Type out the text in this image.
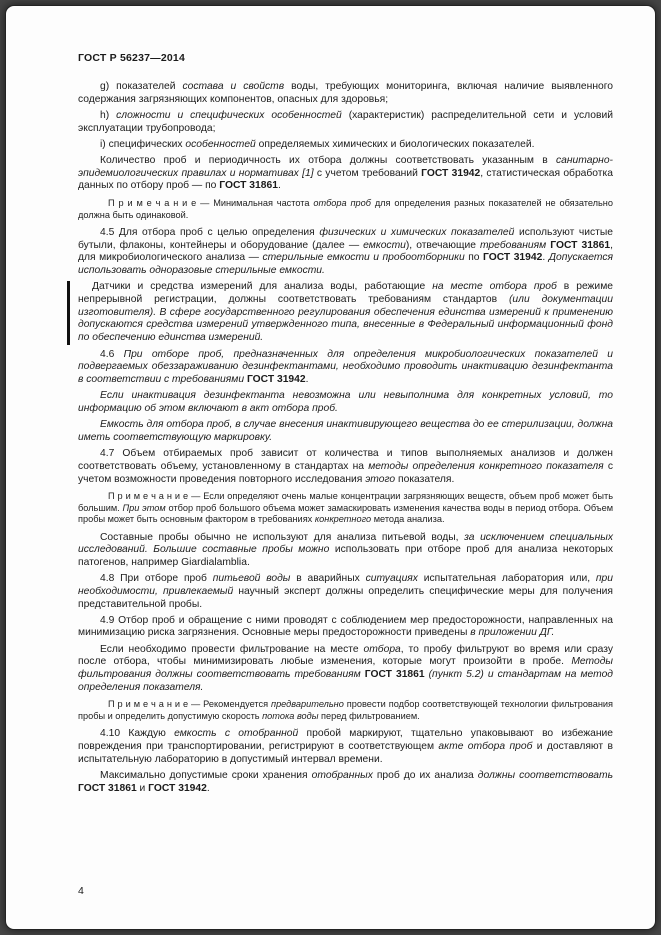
ГОСТ Р 56237—2014

g) показателей состава и свойств воды, требующих мониторинга, включая наличие выявленного содержания загрязняющих компонентов, опасных для здоровья;

h) сложности и специфических особенностей (характеристик) распределительной сети и условий эксплуатации трубопровода;

i) специфических особенностей определяемых химических и биологических показателей.

Количество проб и периодичность их отбора должны соответствовать указанным в санитарно-эпидемиологических правилах и нормативах [1] с учетом требований ГОСТ 31942, статистическая обработка данных по отбору проб — по ГОСТ 31861.

П р и м е ч а н и е — Минимальная частота отбора проб для определения разных показателей не обязательно должна быть одинаковой.

4.5 Для отбора проб с целью определения физических и химических показателей используют чистые бутыли, флаконы, контейнеры и оборудование (далее — емкости), отвечающие требованиям ГОСТ 31861, для микробиологического анализа — стерильные емкости и пробоотборники по ГОСТ 31942. Допускается использовать одноразовые стерильные емкости.

Датчики и средства измерений для анализа воды, работающие на месте отбора проб в режиме непрерывной регистрации, должны соответствовать требованиям стандартов (или документации изготовителя). В сфере государственного регулирования обеспечения единства измерений к применению допускаются средства измерений утвержденного типа, внесенные в Федеральный информационный фонд по обеспечению единства измерений.

4.6 При отборе проб, предназначенных для определения микробиологических показателей и подвергаемых обеззараживанию дезинфектантами, необходимо проводить инактивацию дезинфектанта в соответствии с требованиями ГОСТ 31942.

Если инактивация дезинфектанта невозможна или невыполнима для конкретных условий, то информацию об этом включают в акт отбора проб.

Емкость для отбора проб, в случае внесения инактивирующего вещества до ее стерилизации, должна иметь соответствующую маркировку.

4.7 Объем отбираемых проб зависит от количества и типов выполняемых анализов и должен соответствовать объему, установленному в стандартах на методы определения конкретного показателя с учетом возможности проведения повторного исследования этого показателя.

П р и м е ч а н и е — Если определяют очень малые концентрации загрязняющих веществ, объем проб может быть большим. При этом отбор проб большого объема может замаскировать изменения качества воды в период отбора. Объем пробы может быть основным фактором в требованиях конкретного метода анализа.

Составные пробы обычно не используют для анализа питьевой воды, за исключением специальных исследований. Большие составные пробы можно использовать при отборе проб для анализа некоторых патогенов, например Giardialamblia.

4.8 При отборе проб питьевой воды в аварийных ситуациях испытательная лаборатория или, при необходимости, привлекаемый научный эксперт должны определить специфические меры для получения представительной пробы.

4.9 Отбор проб и обращение с ними проводят с соблюдением мер предосторожности, направленных на минимизацию риска загрязнения. Основные меры предосторожности приведены в приложении ДГ.

Если необходимо провести фильтрование на месте отбора, то пробу фильтруют во время или сразу после отбора, чтобы минимизировать любые изменения, которые могут произойти в пробе. Методы фильтрования должны соответствовать требованиям ГОСТ 31861 (пункт 5.2) и стандартам на метод определения показателя.

П р и м е ч а н и е — Рекомендуется предварительно провести подбор соответствующей технологии фильтрования пробы и определить допустимую скорость потока воды перед фильтрованием.

4.10 Каждую емкость с отобранной пробой маркируют, тщательно упаковывают во избежание повреждения при транспортировании, регистрируют в соответствующем акте отбора проб и доставляют в испытательную лабораторию в допустимый интервал времени.

Максимально допустимые сроки хранения отобранных проб до их анализа должны соответствовать ГОСТ 31861 и ГОСТ 31942.

4
